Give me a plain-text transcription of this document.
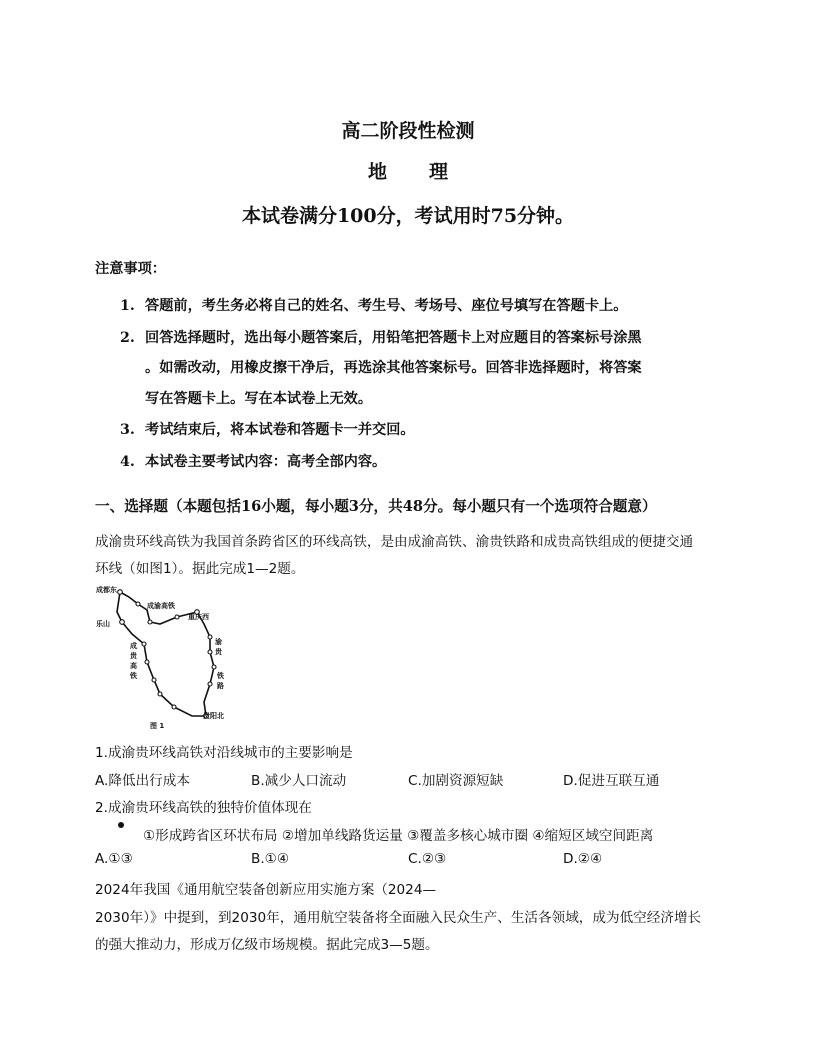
高二阶段性检测
地 理
本试卷满分100分，考试用时75分钟。
注意事项：
1. 答题前，考生务必将自己的姓名、考生号、考场号、座位号填写在答题卡上。
2. 回答选择题时，选出每小题答案后，用铅笔把答题卡上对应题目的答案标号涂黑
。如需改动，用橡皮擦干净后，再选涂其他答案标号。回答非选择题时，将答案
写在答题卡上。写在本试卷上无效。
3. 考试结束后，将本试卷和答题卡一并交回。
4. 本试卷主要考试内容：高考全部内容。
一、选择题（本题包括16小题，每小题3分，共48分。每小题只有一个选项符合题意）
成渝贵环线高铁为我国首条跨省区的环线高铁，是由成渝高铁、渝贵铁路和成贵高铁组成的便捷交通
环线（如图1）。据此完成1—2题。
成都东
成渝高铁
重庆西
乐山
成
贵
高
铁
渝
贵
铁
路
贵阳北
图 1
1.成渝贵环线高铁对沿线城市的主要影响是
A.降低出行成本	B.减少人口流动	C.加剧资源短缺	D.促进互联互通
2.成渝贵环线高铁的独特价值体现在
①形成跨省区环状布局 ②增加单线路货运量 ③覆盖多核心城市圈 ④缩短区域空间距离
A.①③	B.①④	C.②③	D.②④
2024年我国《通用航空装备创新应用实施方案（2024—
2030年）》中提到，到2030年，通用航空装备将全面融入民众生产、生活各领域，成为低空经济增长
的强大推动力，形成万亿级市场规模。据此完成3—5题。
